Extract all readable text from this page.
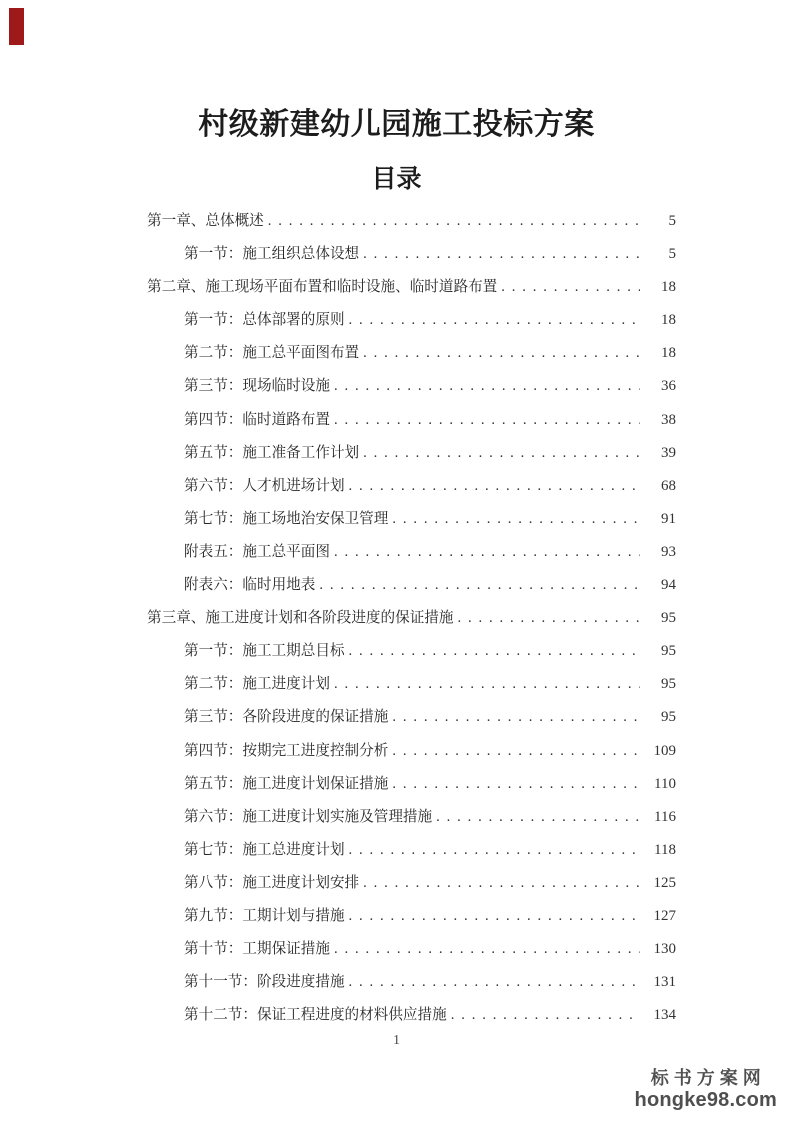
村级新建幼儿园施工投标方案
目录
第一章、总体概述 . . .	5
第一节：施工组织总体设想 . . .	5
第二章、施工现场平面布置和临时设施、临时道路布置 . . .	18
第一节：总体部署的原则 . . .	18
第二节：施工总平面图布置 . . .	18
第三节：现场临时设施 . . .	36
第四节：临时道路布置 . . .	38
第五节：施工准备工作计划 . . .	39
第六节：人才机进场计划 . . .	68
第七节：施工场地治安保卫管理 . . .	91
附表五：施工总平面图 . . .	93
附表六：临时用地表 . . .	94
第三章、施工进度计划和各阶段进度的保证措施 . . .	95
第一节：施工工期总目标 . . .	95
第二节：施工进度计划 . . .	95
第三节：各阶段进度的保证措施 . . .	95
第四节：按期完工进度控制分析 . . .	109
第五节：施工进度计划保证措施 . . .	110
第六节：施工进度计划实施及管理措施 . . .	116
第七节：施工总进度计划 . . .	118
第八节：施工进度计划安排 . . .	125
第九节：工期计划与措施 . . .	127
第十节：工期保证措施 . . .	130
第十一节：阶段进度措施 . . .	131
第十二节：保证工程进度的材料供应措施 . . .	134
1
标书方案网
hongke98.com
